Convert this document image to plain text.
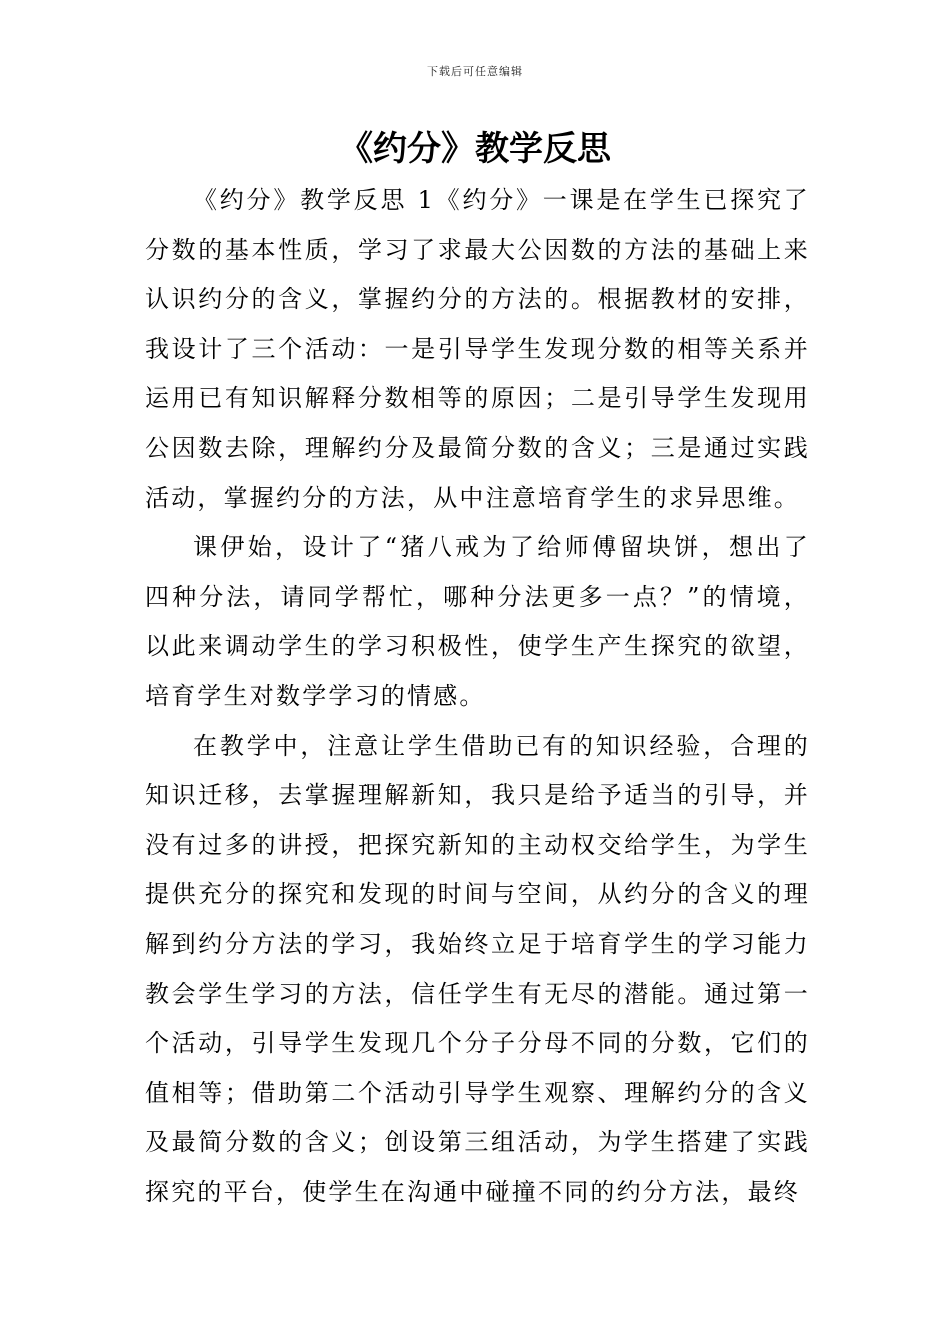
下载后可任意编辑
《约分》教学反思

《约分》教学反思 1《约分》一课是在学生已探究了分数的基本性质，学习了求最大公因数的方法的基础上来认识约分的含义，掌握约分的方法的。根据教材的安排，我设计了三个活动：一是引导学生发现分数的相等关系并运用已有知识解释分数相等的原因；二是引导学生发现用公因数去除，理解约分及最简分数的含义；三是通过实践活动，掌握约分的方法，从中注意培育学生的求异思维。

课伊始，设计了“猪八戒为了给师傅留块饼，想出了四种分法，请同学帮忙，哪种分法更多一点？”的情境，以此来调动学生的学习积极性，使学生产生探究的欲望，培育学生对数学学习的情感。

在教学中，注意让学生借助已有的知识经验，合理的知识迁移，去掌握理解新知，我只是给予适当的引导，并没有过多的讲授，把探究新知的主动权交给学生，为学生提供充分的探究和发现的时间与空间，从约分的含义的理解到约分方法的学习，我始终立足于培育学生的学习能力教会学生学习的方法，信任学生有无尽的潜能。通过第一个活动，引导学生发现几个分子分母不同的分数，它们的值相等；借助第二个活动引导学生观察、理解约分的含义及最简分数的含义；创设第三组活动，为学生搭建了实践探究的平台，使学生在沟通中碰撞不同的约分方法，最终
